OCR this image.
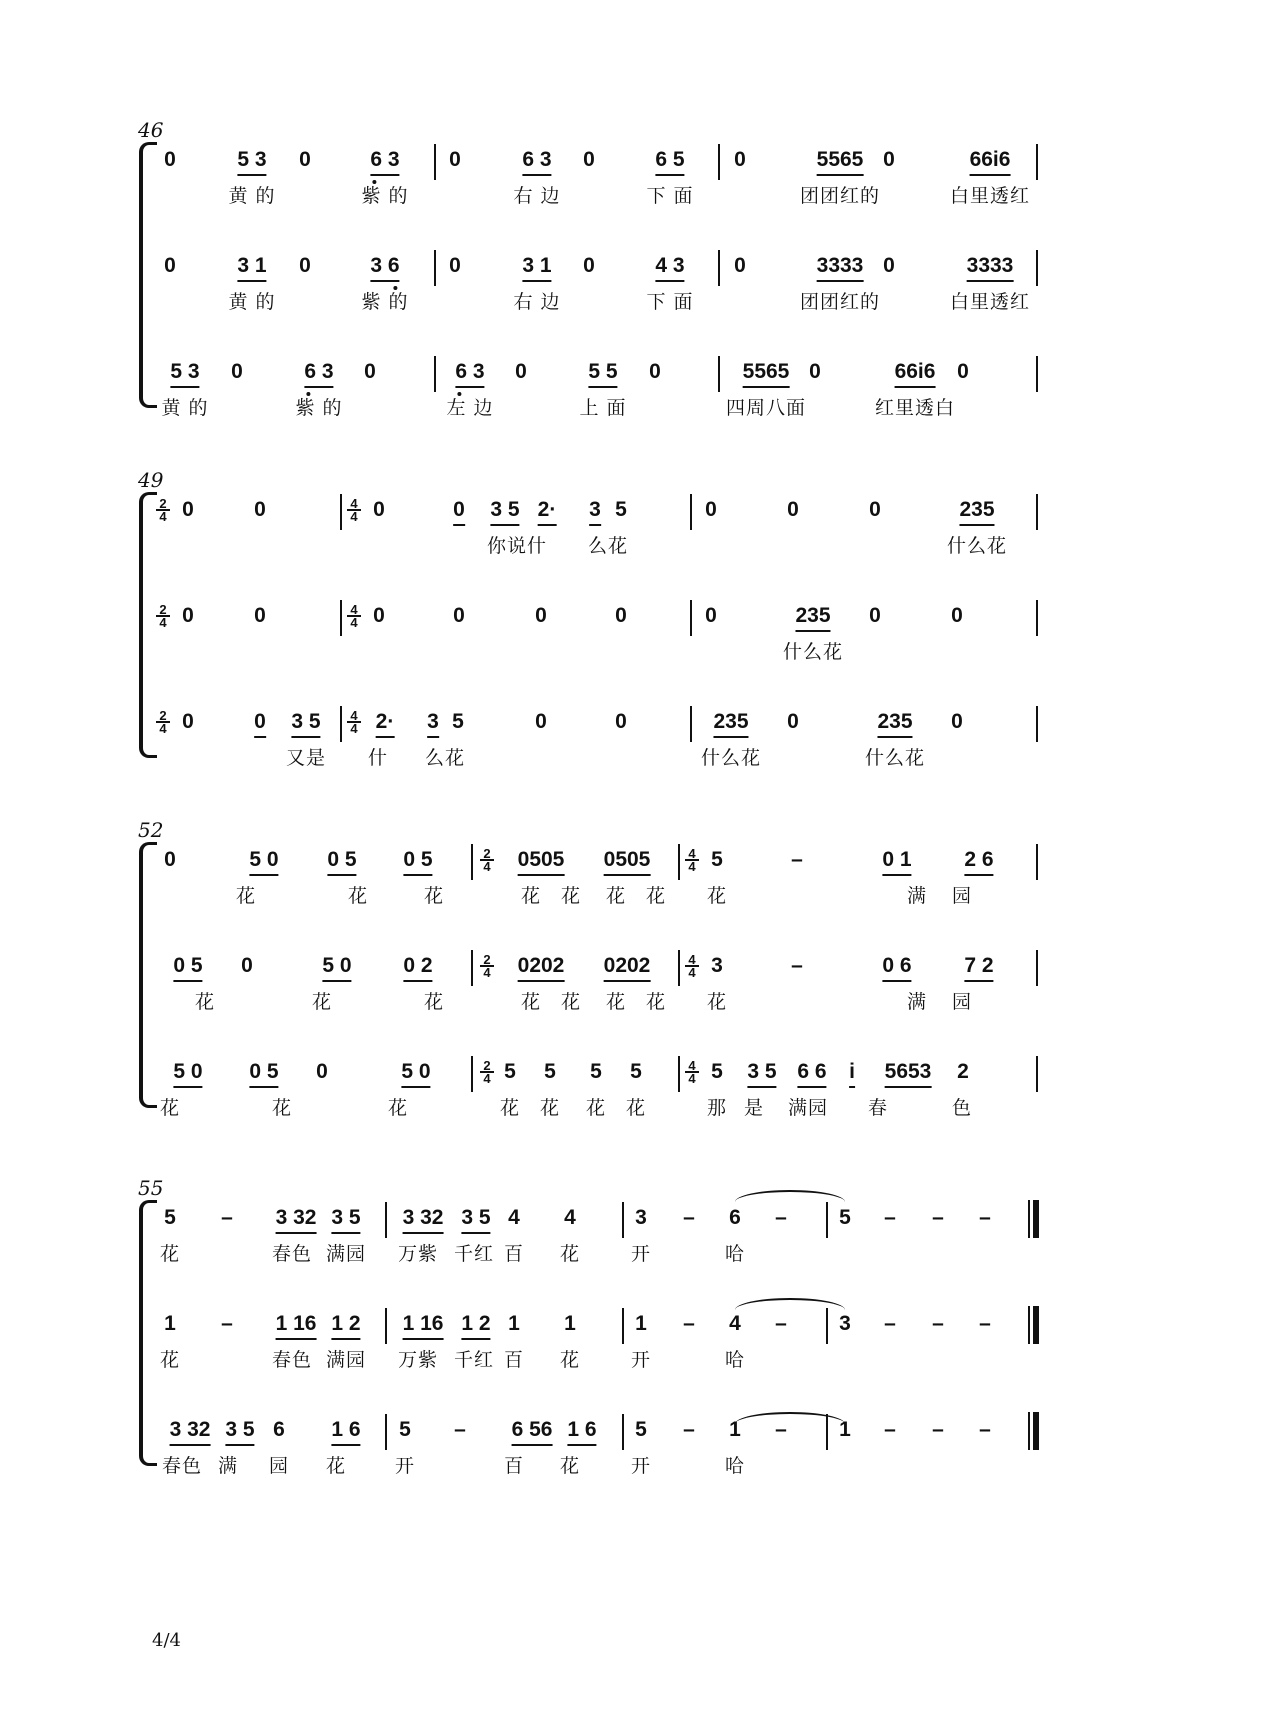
46
0	5 3 0	6 3 0	6 3 0	6 5 0	5565 0	66i6
黄 的	紫 的	右 边	下 面	团团红的	白里透红
0	3 1 0	3 6 0	3 1 0	4 3 0	3333 0	3333
黄 的	紫 的	右 边	下 面	团团红的	白里透红
5 3 0	6 3 0	6 3 0	5 5 0	5565 0	66i6 0
黄 的	紫 的	左 边	上 面	四周八面	红里透白
49
2
4
4
4
0	0	0	0 3 5 2· 3 5	0	0	0	235
你说什 么花	什么花
2
4
4
4
0	0	0	0	0	0	0	235 0	0
什么花
2
4
4
4
0	0 3 5	2· 3 5	0	0	235 0	235 0
又是 什 么花	什么花	什么花
52
2
4
4
4
0	5 0 0 5 0 5	0505 0505	5	–	0 1	2 6
花	花	花	花 花 花 花 花	满 园
2
4
4
4
0 5 0	5 0 0 2	0202 0202	3	–	0 6	7 2
花	花	花	花 花 花 花 花	满 园
2
4
4
4
5 0 0 5 0	5 0	5 5 5 5	5 3 5 6 6 i 5653 2
花	花	花	花 花 花 花	那 是 满园 春	色
55
5 – 3 32 3 5 3 32 3 5 4 4	3 – 6 – 5 – – –
花	春色 满园 万紫 千红 百 花	开	哈
1 – 1 16 1 2 1 16 1 2 1 1	1 – 4 – 3 – – –
花	春色 满园 万紫 千红 百 花	开	哈
3 32 3 5 6 1 6 5 – 6 56 1 6 5 – 1 – 1 – – –
春色 满 园 花	开	百 花	开	哈
4/4
